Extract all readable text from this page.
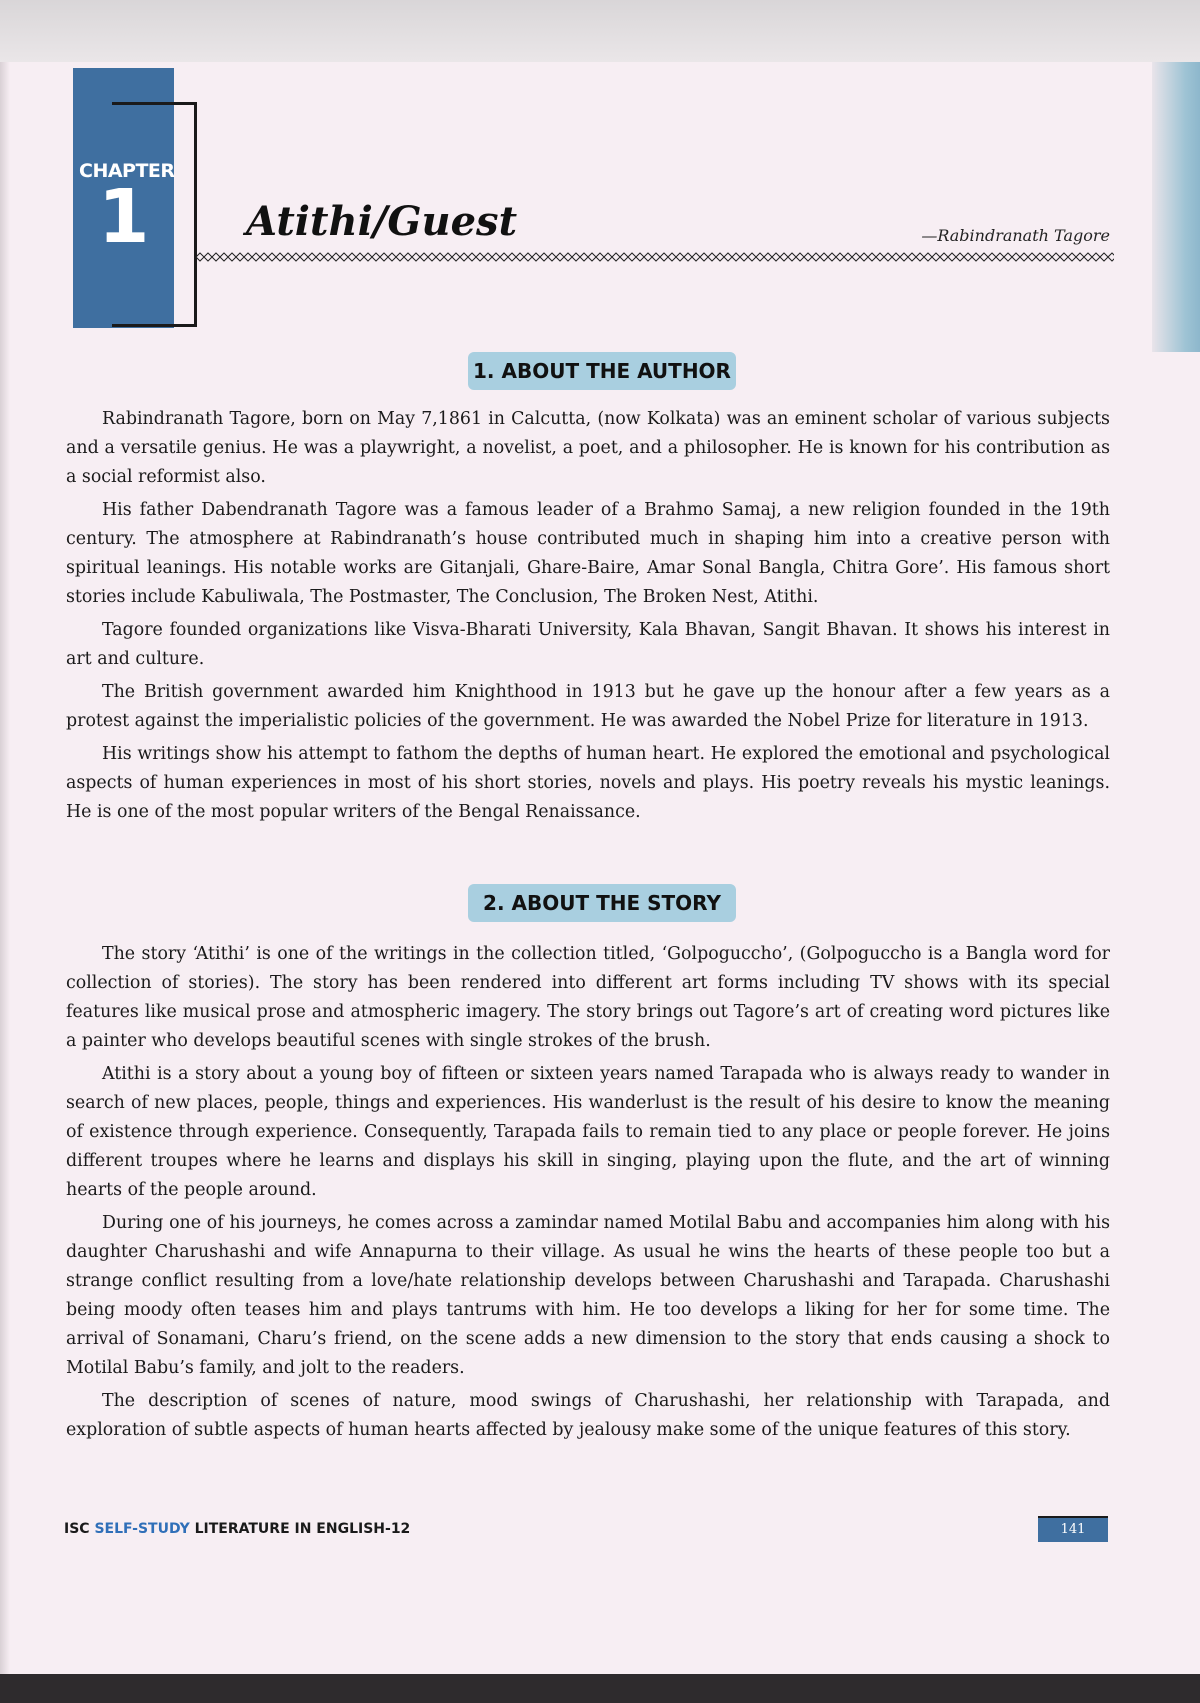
CHAPTER
1 Atithi/Guest	—Rabindranath Tagore
1. ABOUT THE AUTHOR

Rabindranath Tagore, born on May 7,1861 in Calcutta, (now Kolkata) was an eminent scholar of various subjects and a versatile genius. He was a playwright, a novelist, a poet, and a philosopher. He is known for his contribution as a social reformist also.

His father Dabendranath Tagore was a famous leader of a Brahmo Samaj, a new religion founded in the 19th century. The atmosphere at Rabindranath’s house contributed much in shaping him into a creative person with spiritual leanings. His notable works are Gitanjali, Ghare-Baire, Amar Sonal Bangla, Chitra Gore’. His famous short stories include Kabuliwala, The Postmaster, The Conclusion, The Broken Nest, Atithi.

Tagore founded organizations like Visva-Bharati University, Kala Bhavan, Sangit Bhavan. It shows his interest in art and culture.

The British government awarded him Knighthood in 1913 but he gave up the honour after a few years as a protest against the imperialistic policies of the government. He was awarded the Nobel Prize for literature in 1913.

His writings show his attempt to fathom the depths of human heart. He explored the emotional and psychological aspects of human experiences in most of his short stories, novels and plays. His poetry reveals his mystic leanings. He is one of the most popular writers of the Bengal Renaissance.

2. ABOUT THE STORY

The story ‘Atithi’ is one of the writings in the collection titled, ‘Golpoguccho’, (Golpoguccho is a Bangla word for collection of stories). The story has been rendered into different art forms including TV shows with its special features like musical prose and atmospheric imagery. The story brings out Tagore’s art of creating word pictures like a painter who develops beautiful scenes with single strokes of the brush.

Atithi is a story about a young boy of fifteen or sixteen years named Tarapada who is always ready to wander in search of new places, people, things and experiences. His wanderlust is the result of his desire to know the meaning of existence through experience. Consequently, Tarapada fails to remain tied to any place or people forever. He joins different troupes where he learns and displays his skill in singing, playing upon the flute, and the art of winning hearts of the people around.

During one of his journeys, he comes across a zamindar named Motilal Babu and accompanies him along with his daughter Charushashi and wife Annapurna to their village. As usual he wins the hearts of these people too but a strange conflict resulting from a love/hate relationship develops between Charushashi and Tarapada. Charushashi being moody often teases him and plays tantrums with him. He too develops a liking for her for some time. The arrival of Sonamani, Charu’s friend, on the scene adds a new dimension to the story that ends causing a shock to Motilal Babu’s family, and jolt to the readers.

The description of scenes of nature, mood swings of Charushashi, her relationship with Tarapada, and exploration of subtle aspects of human hearts affected by jealousy make some of the unique features of this story.

ISC SELF-STUDY LITERATURE IN ENGLISH-12	141
